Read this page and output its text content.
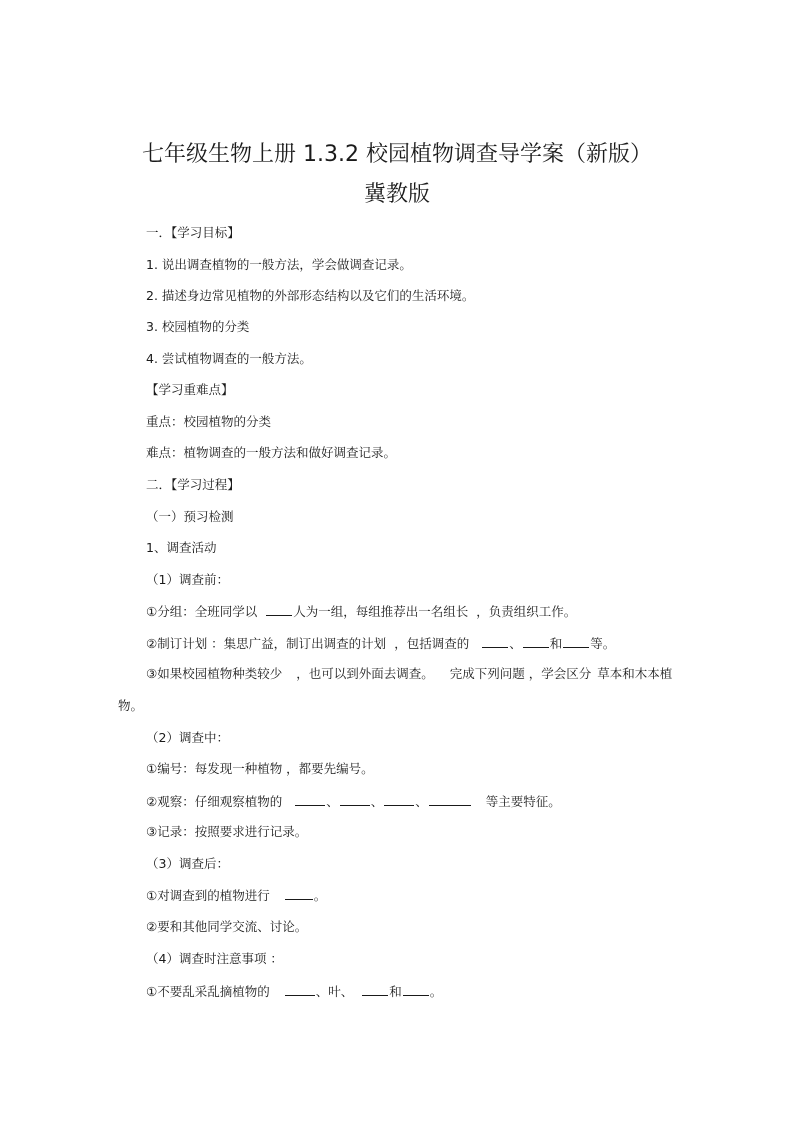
七年级生物上册 1.3.2 校园植物调查导学案（新版）
冀教版

一．【学习目标】

1. 说出调查植物的一般方法，学会做调查记录。

2. 描述身边常见植物的外部形态结构以及它们的生活环境。

3. 校园植物的分类

4. 尝试植物调查的一般方法。

【学习重难点】

重点：校园植物的分类

难点：植物调查的一般方法和做好调查记录。

二．【学习过程】

（一）预习检测

1、调查活动

（1）调查前：

①分组：全班同学以	人为一组，每组推荐出一名组长 ，负责组织工作。

②制订计划 ：集思广益，制订出调查的计划 ，包括调查的	、 和 等。

③如果校园植物种类较少 ，也可以到外面去调查。 完成下列问题 ，学会区分 草本和木本植

物。

（2）调查中：

①编号：每发现一种植物 ，都要先编号。

②观察：仔细观察植物的	、	、	、	等主要特征。

③记录：按照要求进行记录。

（3）调查后：

①对调查到的植物进行	。

②要和其他同学交流、讨论。

（4）调查时注意事项 ：

①不要乱采乱摘植物的	、叶、	和 。
